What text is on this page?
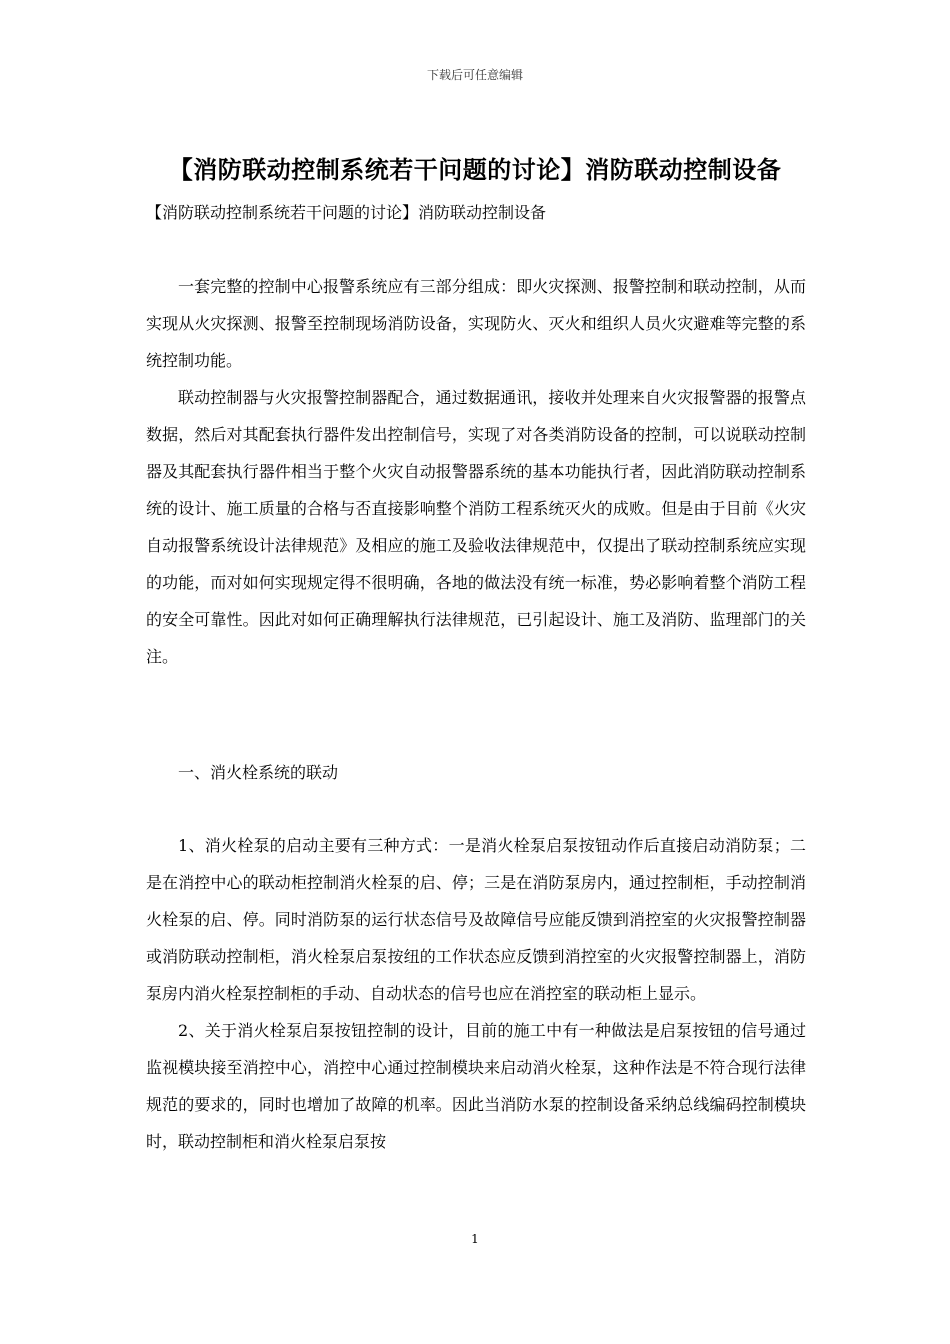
下载后可任意编辑
【消防联动控制系统若干问题的讨论】消防联动控制设备
【消防联动控制系统若干问题的讨论】消防联动控制设备

一套完整的控制中心报警系统应有三部分组成：即火灾探测、报警控制和联动控制，从而实现从火灾探测、报警至控制现场消防设备，实现防火、灭火和组织人员火灾避难等完整的系统控制功能。

联动控制器与火灾报警控制器配合，通过数据通讯，接收并处理来自火灾报警器的报警点数据，然后对其配套执行器件发出控制信号，实现了对各类消防设备的控制，可以说联动控制器及其配套执行器件相当于整个火灾自动报警器系统的基本功能执行者，因此消防联动控制系统的设计、施工质量的合格与否直接影响整个消防工程系统灭火的成败。但是由于目前《火灾自动报警系统设计法律规范》及相应的施工及验收法律规范中，仅提出了联动控制系统应实现的功能，而对如何实现规定得不很明确，各地的做法没有统一标准，势必影响着整个消防工程的安全可靠性。因此对如何正确理解执行法律规范，已引起设计、施工及消防、监理部门的关注。

一、消火栓系统的联动

1、消火栓泵的启动主要有三种方式：一是消火栓泵启泵按钮动作后直接启动消防泵；二是在消控中心的联动柜控制消火栓泵的启、停；三是在消防泵房内，通过控制柜，手动控制消火栓泵的启、停。同时消防泵的运行状态信号及故障信号应能反馈到消控室的火灾报警控制器或消防联动控制柜，消火栓泵启泵按纽的工作状态应反馈到消控室的火灾报警控制器上，消防泵房内消火栓泵控制柜的手动、自动状态的信号也应在消控室的联动柜上显示。

2、关于消火栓泵启泵按钮控制的设计，目前的施工中有一种做法是启泵按钮的信号通过监视模块接至消控中心，消控中心通过控制模块来启动消火栓泵，这种作法是不符合现行法律规范的要求的，同时也增加了故障的机率。因此当消防水泵的控制设备采纳总线编码控制模块时，联动控制柜和消火栓泵启泵按

1
